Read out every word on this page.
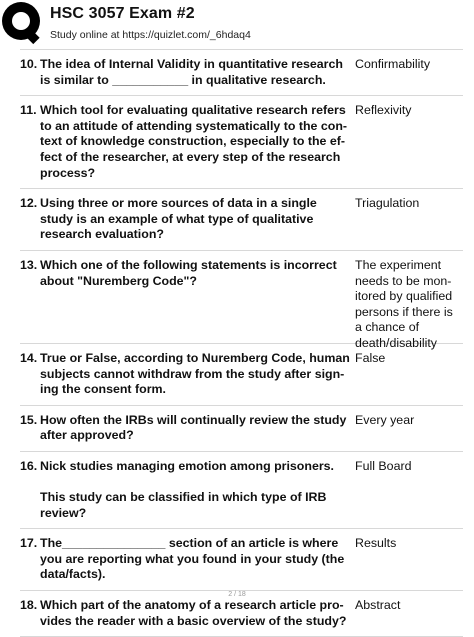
HSC 3057 Exam #2
Study online at https://quizlet.com/_6hdaq4
10. The idea of Internal Validity in quantitative research is similar to ___________ in qualitative research.
Confirmability
11. Which tool for evaluating qualitative research refers to an attitude of attending systematically to the con-
text of knowledge construction, especially to the ef-
fect of the researcher, at every step of the research process?
Reflexivity
12. Using three or more sources of data in a single study is an example of what type of qualitative research evaluation?
Triagulation
13. Which one of the following statements is incorrect about "Nuremberg Code"?
The experiment needs to be mon-
itored by qualified persons if there is a chance of death/disability
14. True or False, according to Nuremberg Code, human subjects cannot withdraw from the study after sign-
ing the consent form.
False
15. How often the IRBs will continually review the study after approved?
Every year
16. Nick studies managing emotion among prisoners.

This study can be classified in which type of IRB review?
Full Board
17. The_______________ section of an article is where you are reporting what you found in your study (the data/facts).
Results
18. Which part of the anatomy of a research article pro-
vides the reader with a basic overview of the study?
Abstract
2 / 18
